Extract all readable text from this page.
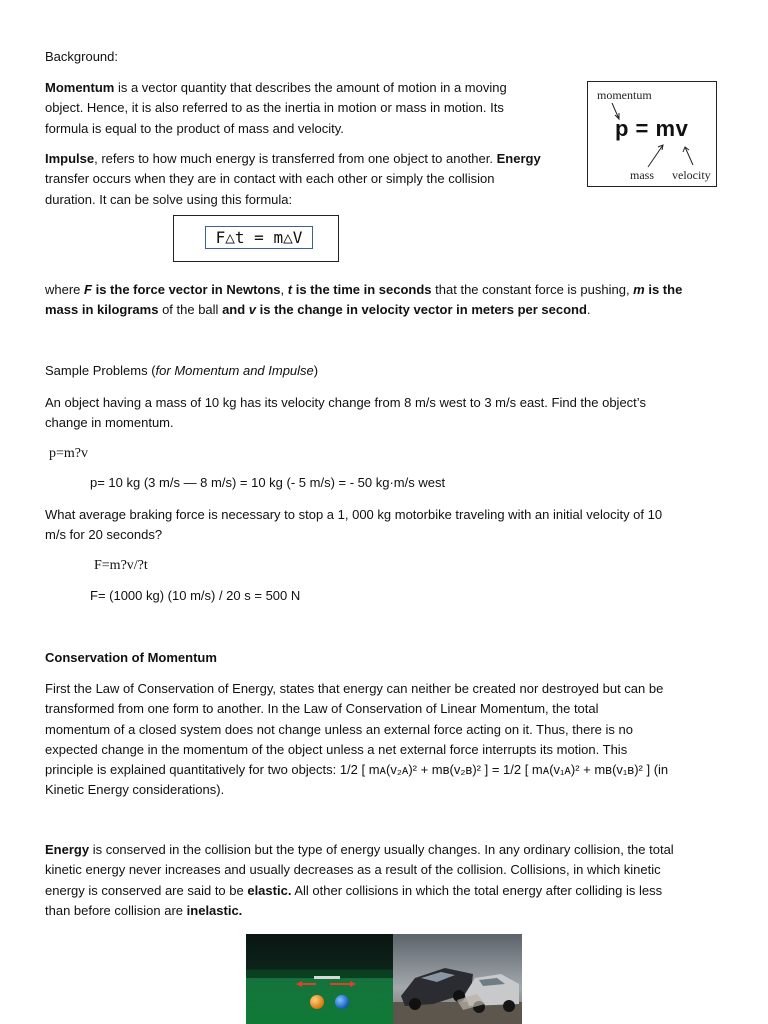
Background:

Momentum is a vector quantity that describes the amount of motion in a moving
object. Hence, it is also referred to as the inertia in motion or mass in motion. Its
formula is equal to the product of mass and velocity.

momentum
p = mv
mass velocity

Impulse, refers to how much energy is transferred from one object to another. Energy
transfer occurs when they are in contact with each other or simply the collision
duration. It can be solve using this formula:

F△t = m△V

where F is the force vector in Newtons, t is the time in seconds that the constant force is pushing, m is the
mass in kilograms of the ball and v is the change in velocity vector in meters per second.

Sample Problems (for Momentum and Impulse)

An object having a mass of 10 kg has its velocity change from 8 m/s west to 3 m/s east. Find the object’s
change in momentum.

p=m?v

p= 10 kg (3 m/s — 8 m/s) = 10 kg (- 5 m/s) = - 50 kg·m/s west

What average braking force is necessary to stop a 1, 000 kg motorbike traveling with an initial velocity of 10
m/s for 20 seconds?

F=m?v/?t

F= (1000 kg) (10 m/s) / 20 s = 500 N

Conservation of Momentum

First the Law of Conservation of Energy, states that energy can neither be created nor destroyed but can be
transformed from one form to another. In the Law of Conservation of Linear Momentum, the total
momentum of a closed system does not change unless an external force acting on it. Thus, there is no
expected change in the momentum of the object unless a net external force interrupts its motion. This
principle is explained quantitatively for two objects: 1/2 [ mᴀ(v₂ᴀ)² + mʙ(v₂ʙ)² ] = 1/2 [ mᴀ(v₁ᴀ)² + mʙ(v₁ʙ)² ] (in
Kinetic Energy considerations).

Energy is conserved in the collision but the type of energy usually changes. In any ordinary collision, the total
kinetic energy never increases and usually decreases as a result of the collision. Collisions, in which kinetic
energy is conserved are said to be elastic. All other collisions in which the total energy after colliding is less
than before collision are inelastic.
